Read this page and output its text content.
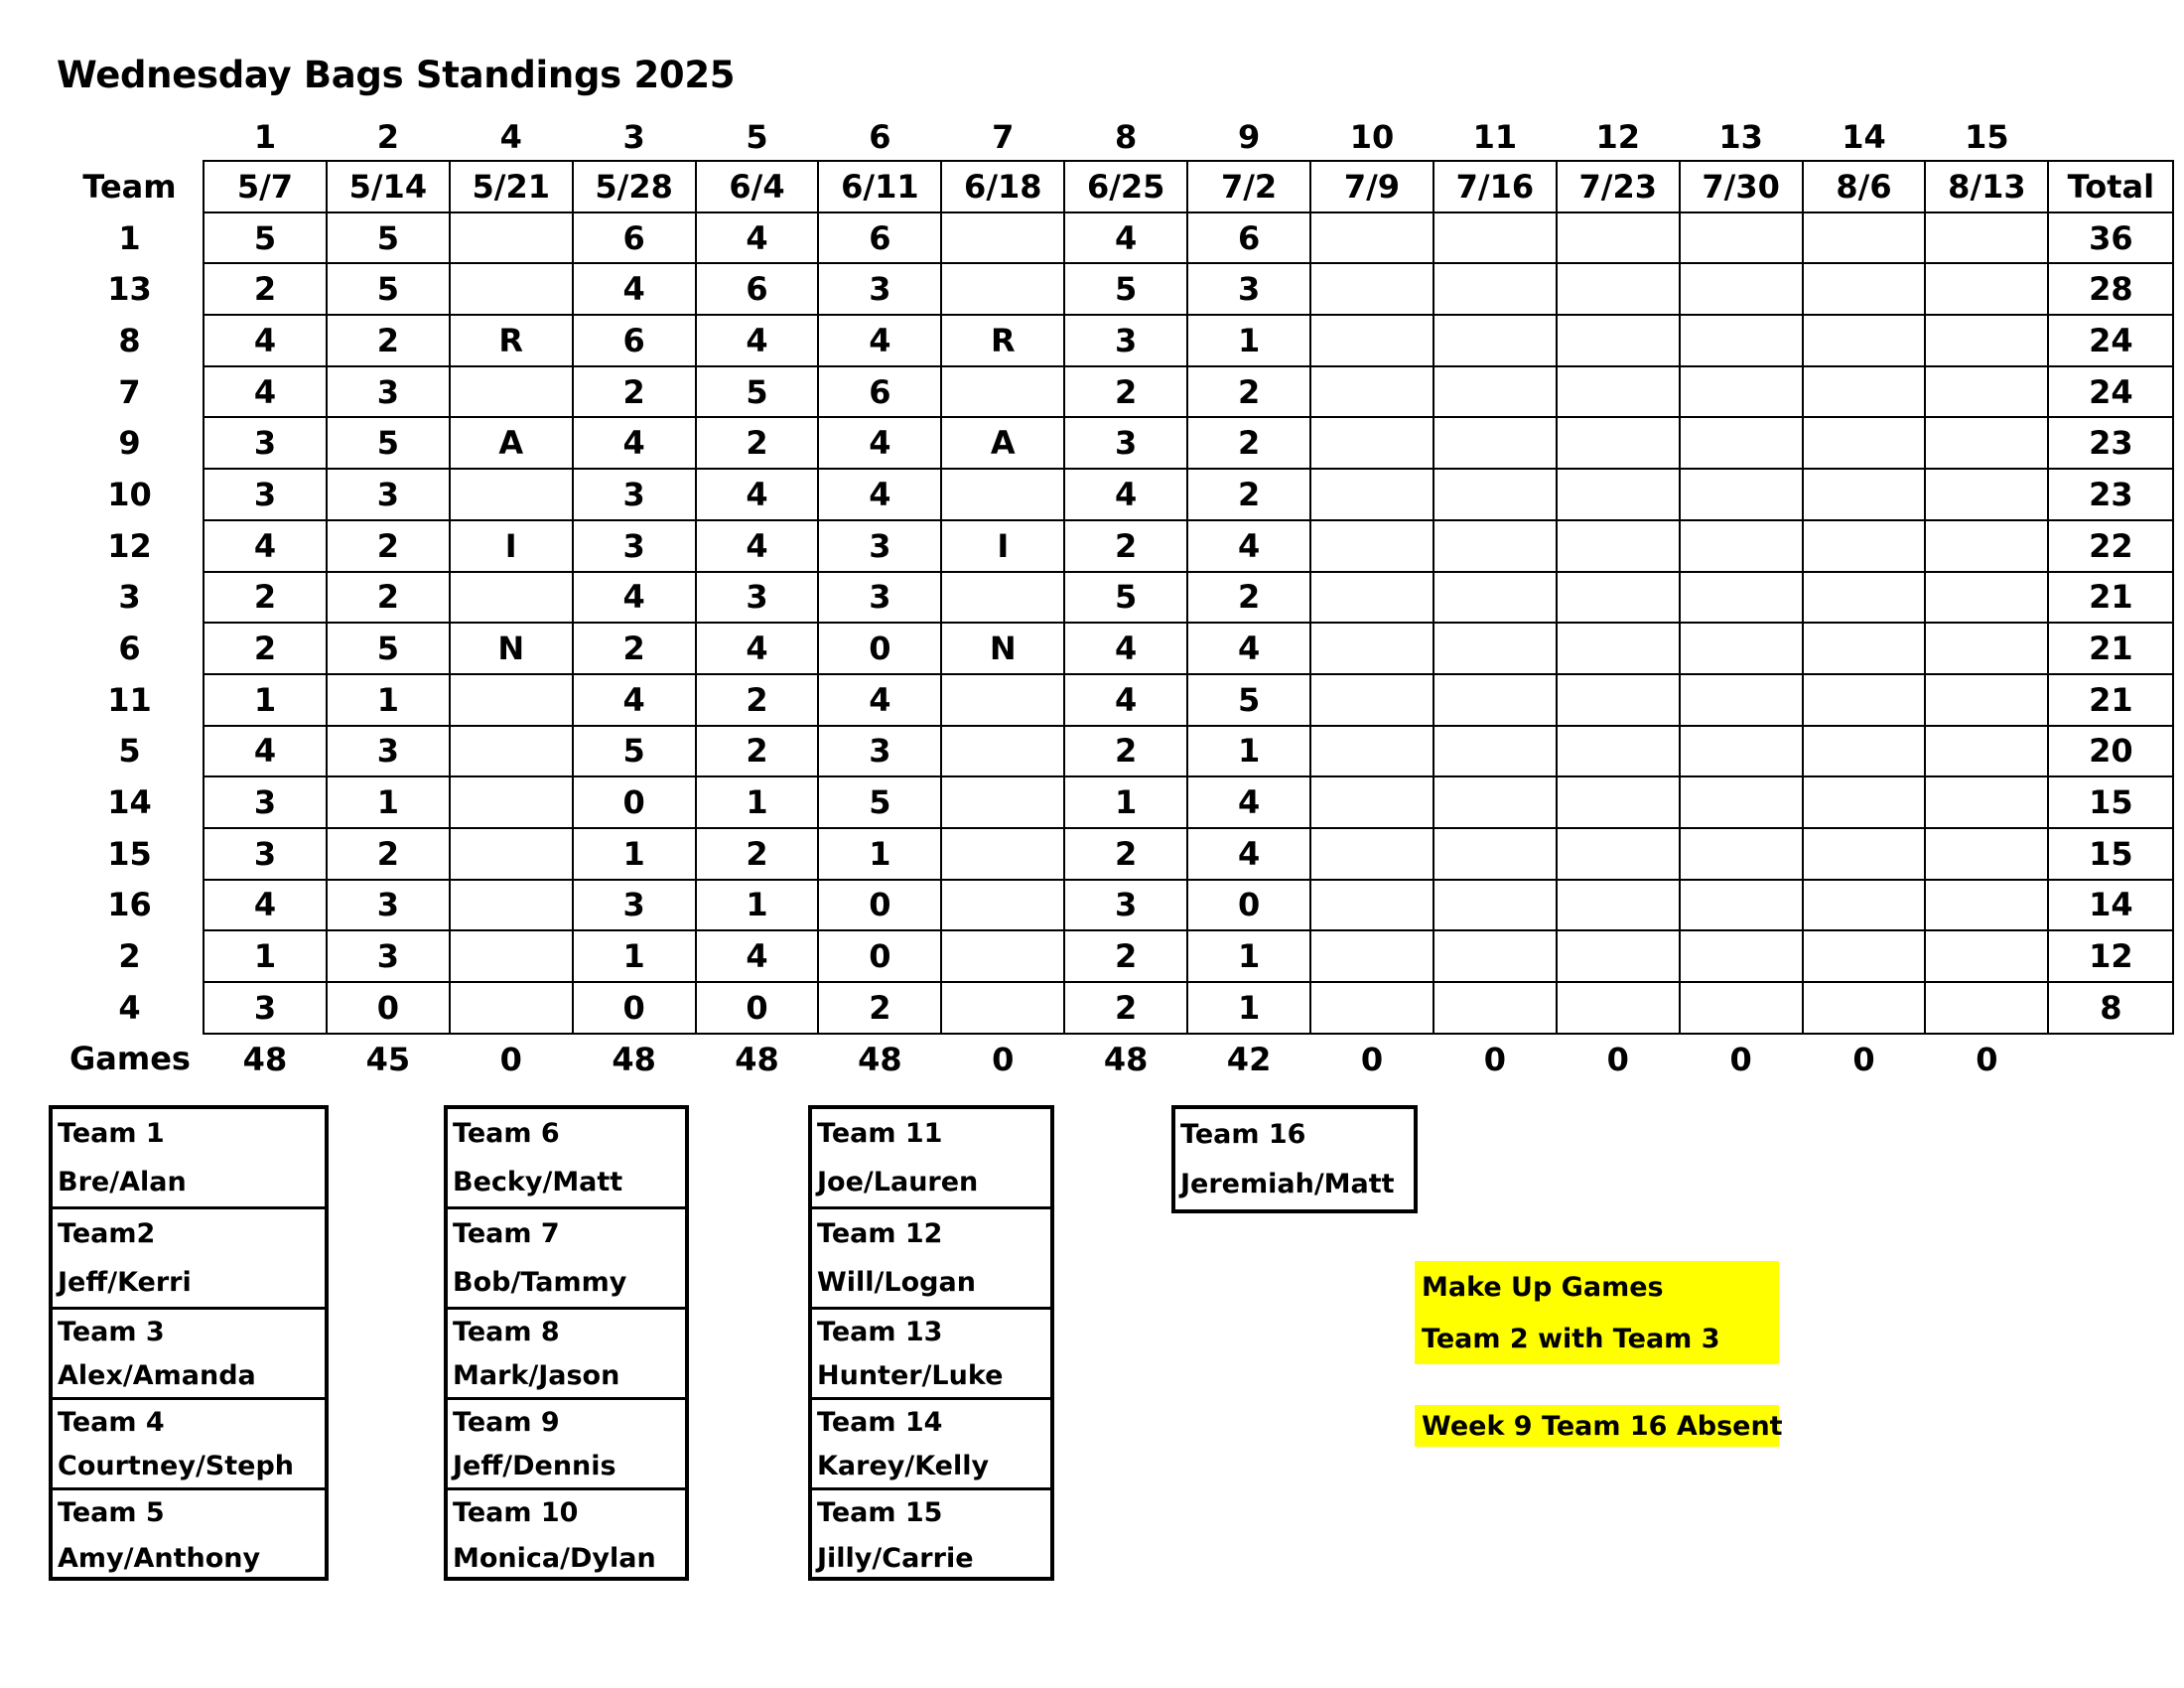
Wednesday Bags Standings 2025
	1	2	4	3	5	6	7	8	9	10	11	12	13	14	15	
Team	5/7	5/14	5/21	5/28	6/4	6/11	6/18	6/25	7/2	7/9	7/16	7/23	7/30	8/6	8/13	Total
1	5	5		6	4	6		4	6							36
13	2	5		4	6	3		5	3							28
8	4	2	R	6	4	4	R	3	1							24
7	4	3		2	5	6		2	2							24
9	3	5	A	4	2	4	A	3	2							23
10	3	3		3	4	4		4	2							23
12	4	2	I	3	4	3	I	2	4							22
3	2	2		4	3	3		5	2							21
6	2	5	N	2	4	0	N	4	4							21
11	1	1		4	2	4		4	5							21
5	4	3		5	2	3		2	1							20
14	3	1		0	1	5		1	4							15
15	3	2		1	2	1		2	4							15
16	4	3		3	1	0		3	0							14
2	1	3		1	4	0		2	1							12
4	3	0		0	0	2		2	1							8
Games	48	45	0	48	48	48	0	48	42	0	0	0	0	0	0	
Team 1
Bre/Alan
Team2
Jeff/Kerri
Team 3
Alex/Amanda
Team 4
Courtney/Steph
Team 5
Amy/Anthony
Team 6
Becky/Matt
Team 7
Bob/Tammy
Team 8
Mark/Jason
Team 9
Jeff/Dennis
Team 10
Monica/Dylan
Team 11
Joe/Lauren
Team 12
Will/Logan
Team 13
Hunter/Luke
Team 14
Karey/Kelly
Team 15
Jilly/Carrie
Team 16
Jeremiah/Matt
Make Up Games
Team 2 with Team 3
Week 9 Team 16 Absent
